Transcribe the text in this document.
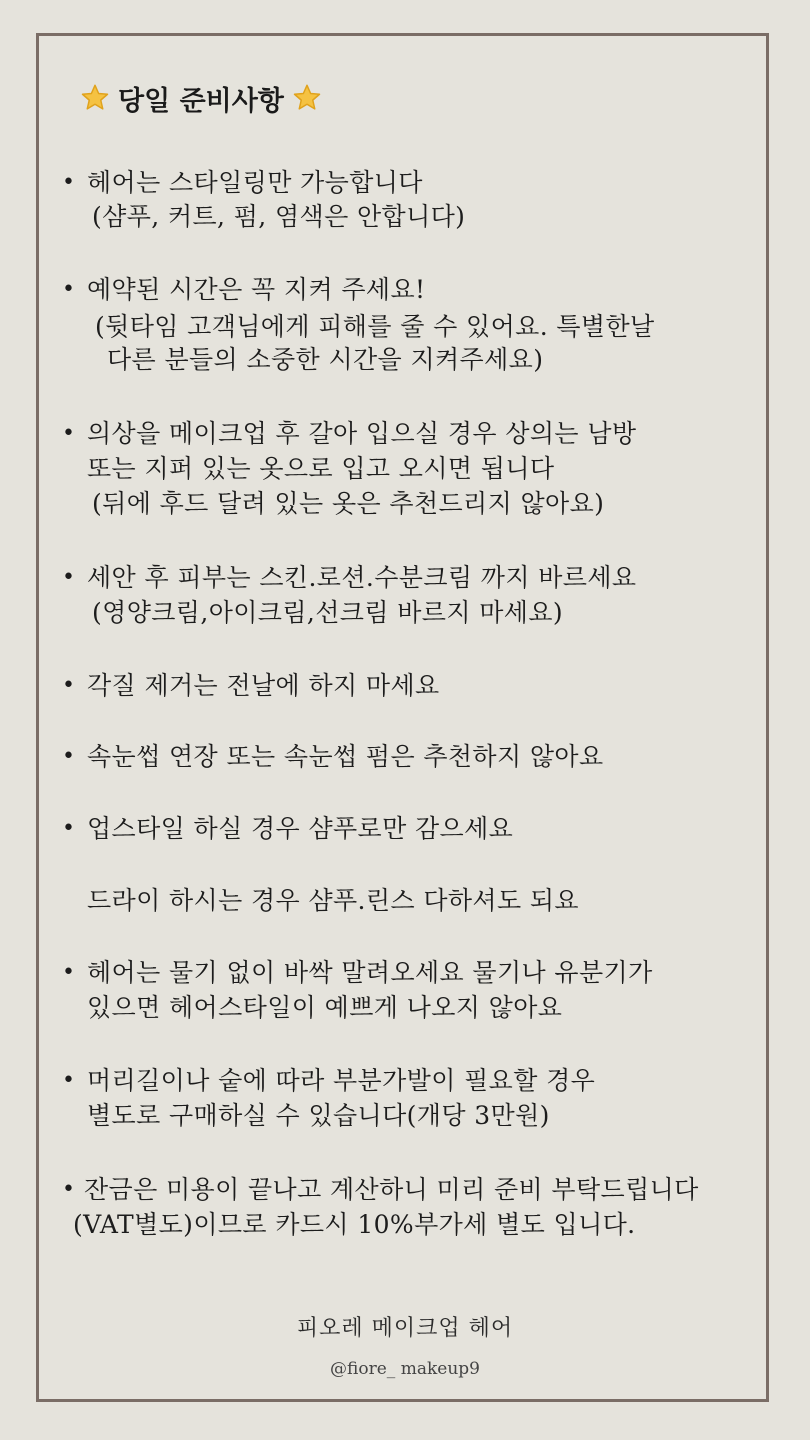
당일 준비사항
• 헤어는 스타일링만 가능합니다
(샴푸, 커트, 펌, 염색은 안합니다)
• 예약된 시간은 꼭 지켜 주세요!
(뒷타임 고객님에게 피해를 줄 수 있어요. 특별한날
다른 분들의 소중한 시간을 지켜주세요)
• 의상을 메이크업 후 갈아 입으실 경우 상의는 남방
또는 지퍼 있는 옷으로 입고 오시면 됩니다
(뒤에 후드 달려 있는 옷은 추천드리지 않아요)
• 세안 후 피부는 스킨.로션.수분크림 까지 바르세요
(영양크림,아이크림,선크림 바르지 마세요)
• 각질 제거는 전날에 하지 마세요
• 속눈썹 연장 또는 속눈썹 펌은 추천하지 않아요
• 업스타일 하실 경우 샴푸로만 감으세요
드라이 하시는 경우 샴푸.린스 다하셔도 되요
• 헤어는 물기 없이 바싹 말려오세요 물기나 유분기가
있으면 헤어스타일이 예쁘게 나오지 않아요
• 머리길이나 숱에 따라 부분가발이 필요할 경우
별도로 구매하실 수 있습니다(개당 3만원)
• 잔금은 미용이 끝나고 계산하니 미리 준비 부탁드립니다
(VAT별도)이므로 카드시 10%부가세 별도 입니다.
피오레 메이크업 헤어
@fiore_ makeup9
